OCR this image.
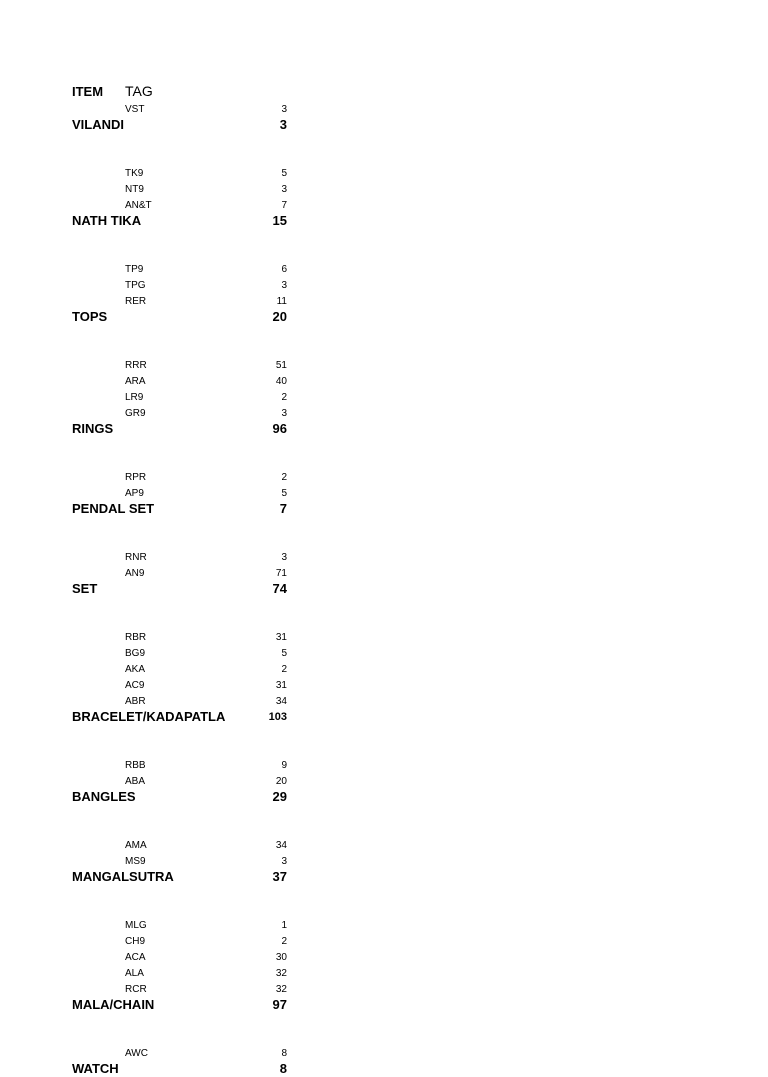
ITEM TAG
VST	3
VILANDI	3
TK9	5
NT9	3
AN&T	7
NATH TIKA	15
TP9	6
TPG	3
RER	11
TOPS	20
RRR	51
ARA	40
LR9	2
GR9	3
RINGS	96
RPR	2
AP9	5
PENDAL SET	7
RNR	3
AN9	71
SET	74
RBR	31
BG9	5
AKA	2
AC9	31
ABR	34
BRACELET/KADAPATLA	103
RBB	9
ABA	20
BANGLES	29
AMA	34
MS9	3
MANGALSUTRA	37
MLG	1
CH9	2
ACA	30
ALA	32
RCR	32
MALA/CHAIN	97
AWC	8
WATCH	8
